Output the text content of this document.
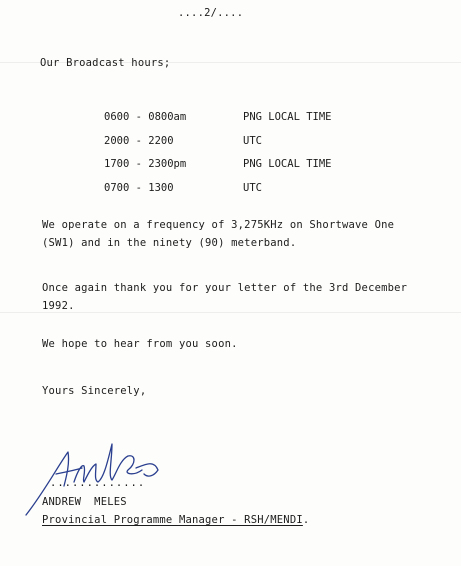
....2/....
Our Broadcast hours;
0600 - 0800am	PNG LOCAL TIME
2000 - 2200	UTC
1700 - 2300pm	PNG LOCAL TIME
0700 - 1300	UTC
We operate on a frequency of 3,275KHz on Shortwave One
(SW1) and in the ninety (90) meterband.
Once again thank you for your letter of the 3rd December
1992.
We hope to hear from you soon.
Yours Sincerely,
.............
ANDREW  MELES
Provincial Programme Manager - RSH/MENDI.
